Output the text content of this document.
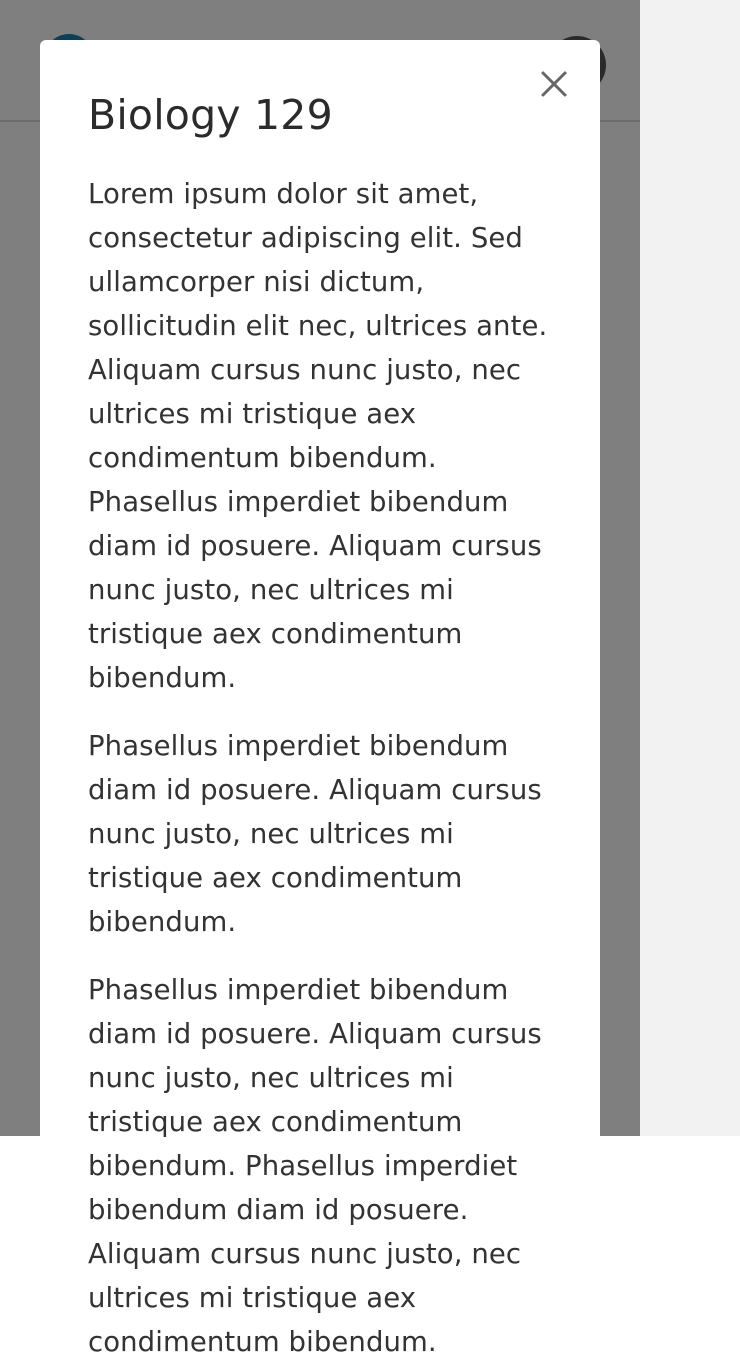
Biology 129

Lorem ipsum dolor sit amet, consectetur adipiscing elit. Sed ullamcorper nisi dictum, sollicitudin elit nec, ultrices ante. Aliquam cursus nunc justo, nec ultrices mi tristique aex condimentum bibendum. Phasellus imperdiet bibendum diam id posuere. Aliquam cursus nunc justo, nec ultrices mi tristique aex condimentum bibendum.

Phasellus imperdiet bibendum diam id posuere. Aliquam cursus nunc justo, nec ultrices mi tristique aex condimentum bibendum.

Phasellus imperdiet bibendum diam id posuere. Aliquam cursus nunc justo, nec ultrices mi tristique aex condimentum bibendum. Phasellus imperdiet bibendum diam id posuere. Aliquam cursus nunc justo, nec ultrices mi tristique aex condimentum bibendum.
